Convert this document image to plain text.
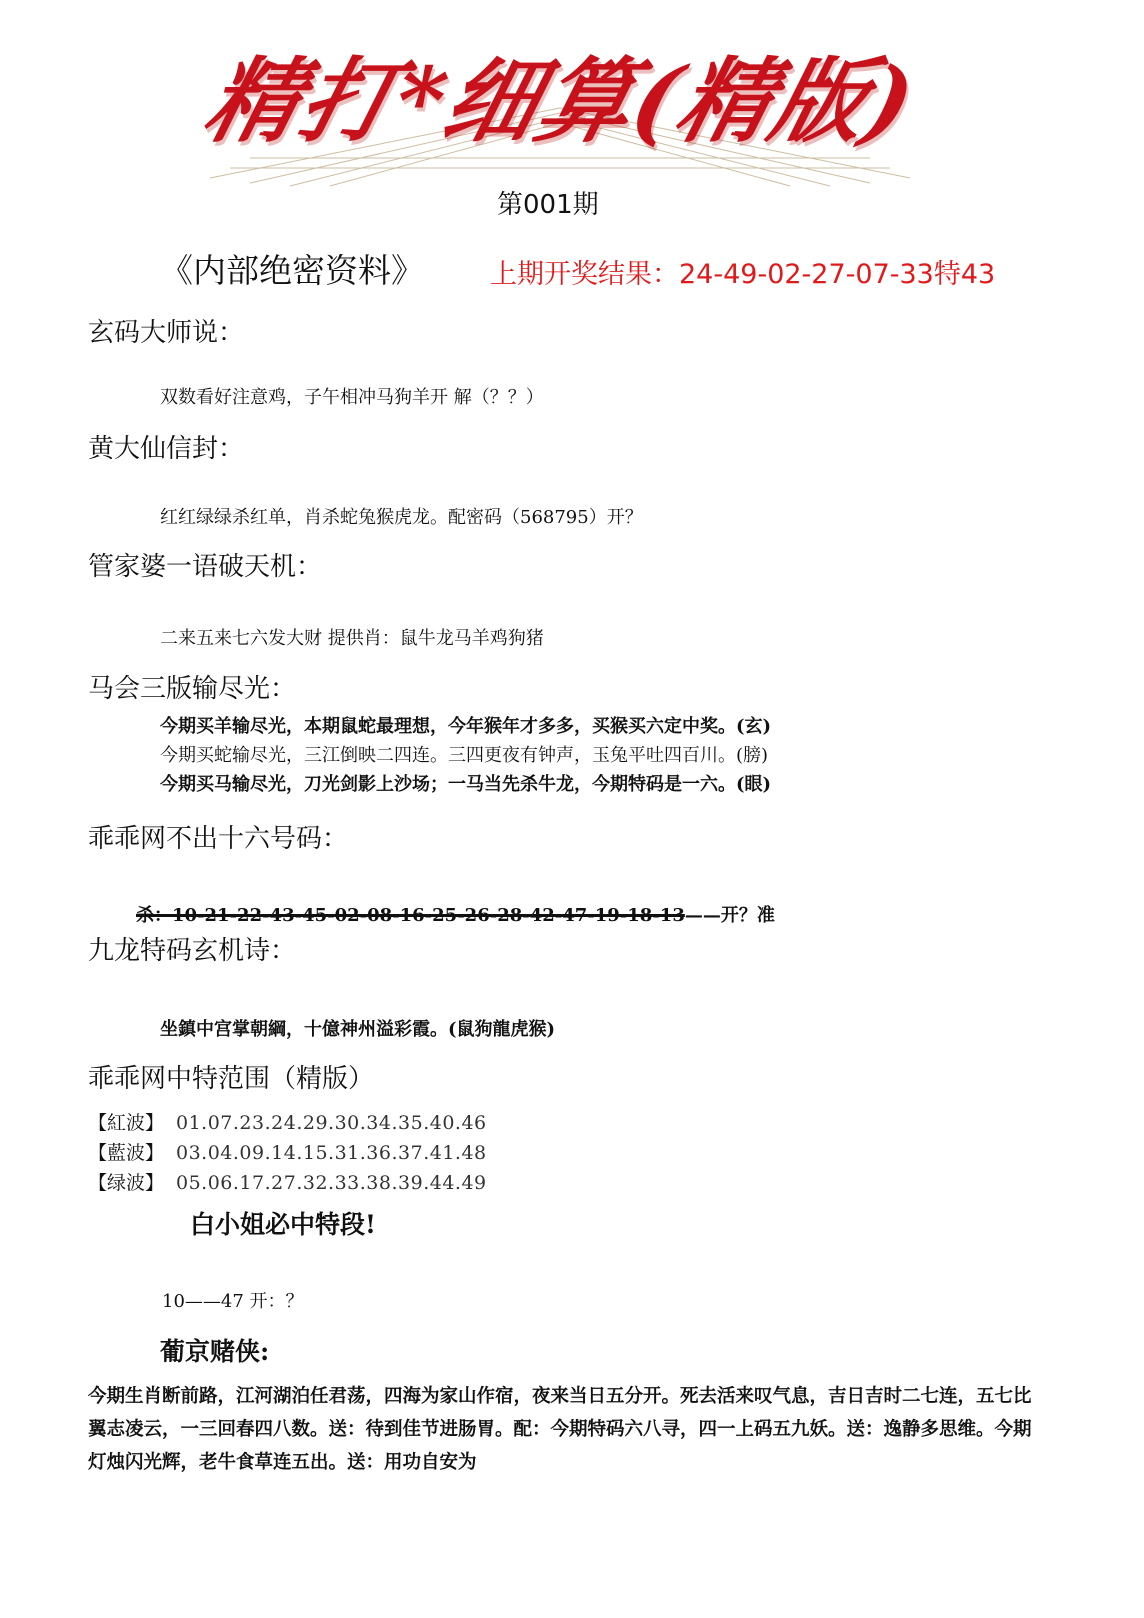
精打*细算(精版)
第001期
《内部绝密资料》 上期开奖结果：24-49-02-27-07-33特43
玄码大师说：
双数看好注意鸡，子午相冲马狗羊开 解（？？）
黄大仙信封：
红红绿绿杀红单，肖杀蛇兔猴虎龙。配密码（568795）开？
管家婆一语破天机：
二来五来七六发大财 提供肖：鼠牛龙马羊鸡狗猪
马会三版输尽光：
今期买羊输尽光，本期鼠蛇最理想，今年猴年才多多，买猴买六定中奖。(玄)
今期买蛇输尽光，三江倒映二四连。三四更夜有钟声，玉兔平吐四百川。(膀)
今期买马输尽光，刀光剑影上沙场；一马当先杀牛龙，今期特码是一六。(眼)
乖乖网不出十六号码：
杀：10-21-22-43-45-02-08-16-25-26-28-42-47-19-18-13——开？准
九龙特码玄机诗：
坐鎮中宫掌朝綱，十億神州溢彩霞。(鼠狗龍虎猴)
乖乖网中特范围（精版）
【紅波】 01.07.23.24.29.30.34.35.40.46
【藍波】 03.04.09.14.15.31.36.37.41.48
【绿波】 05.06.17.27.32.33.38.39.44.49
白小姐必中特段!
10——47 开：？
葡京赌侠:
今期生肖断前路，江河湖泊任君荡，四海为家山作宿，夜来当日五分开。死去活来叹气息，吉日吉时二七连，五七比翼志凌云，一三回春四八数。送：待到佳节进肠胃。配：今期特码六八寻，四一上码五九妖。送：逸静多思维。今期灯烛闪光辉，老牛食草连五出。送：用功自安为
